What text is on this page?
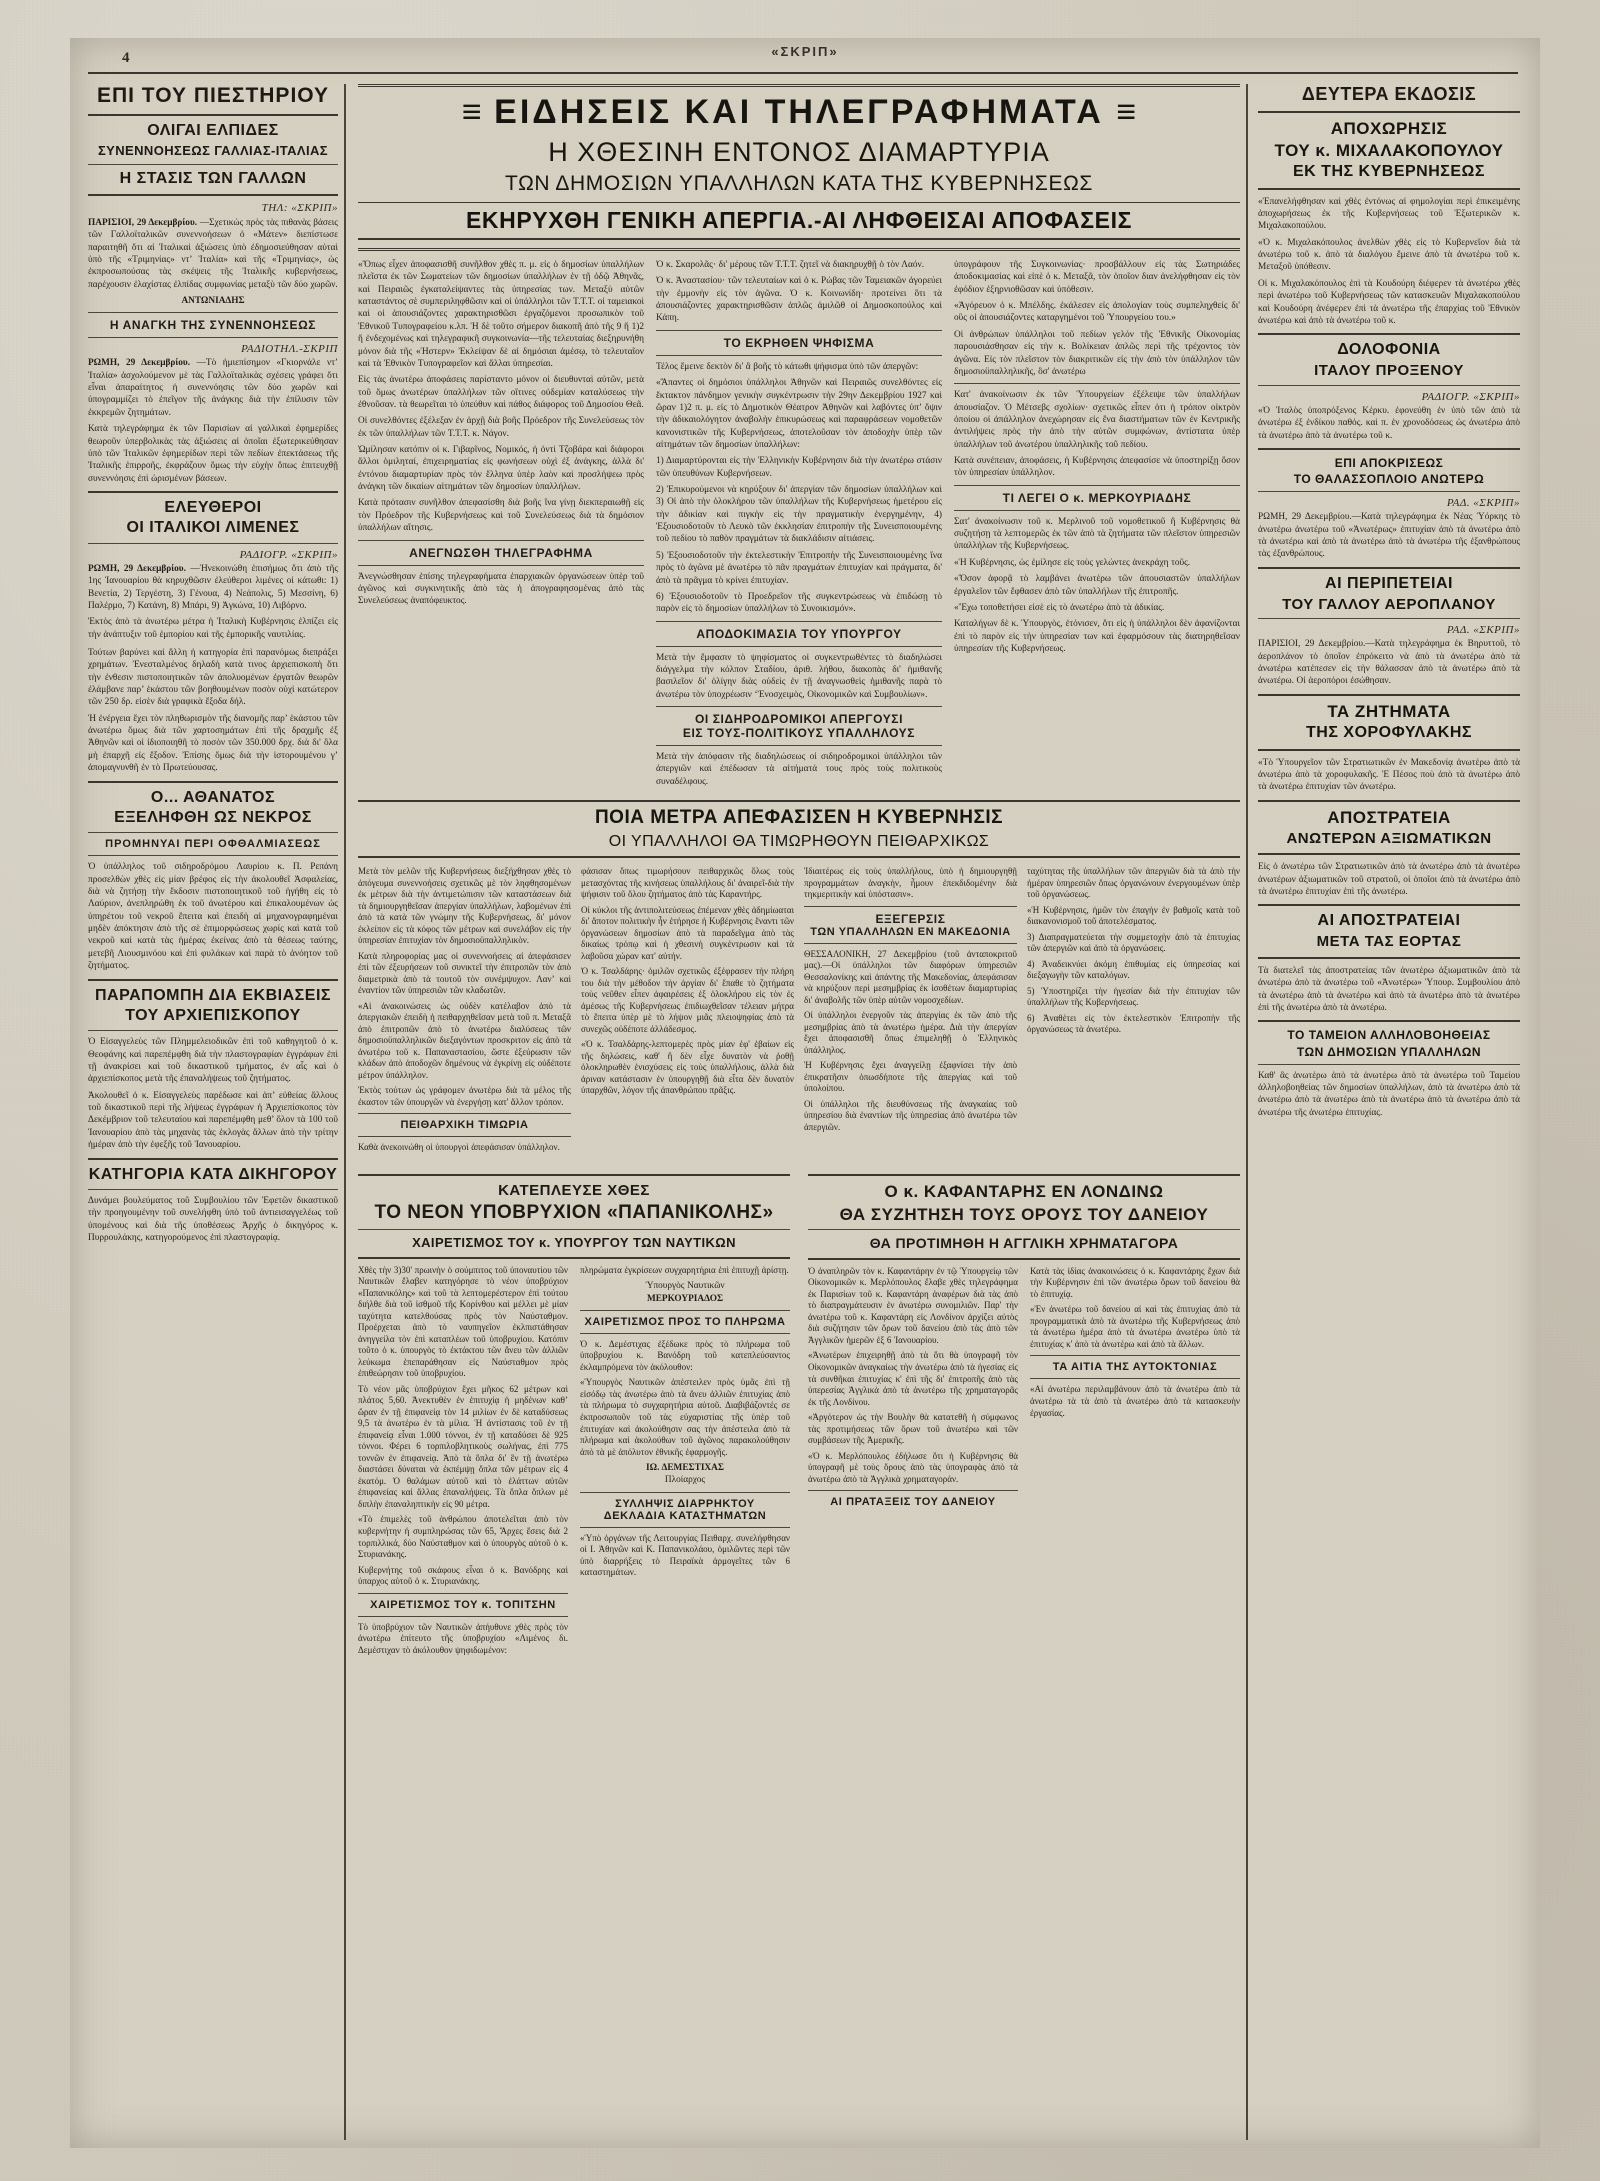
4	«ΣΚΡΙΠ»
ΕΠΙ ΤΟΥ ΠΙΕΣΤΗΡΙΟΥ
ΟΛΙΓΑΙ ΕΛΠΙΔΕΣ
ΣΥΝΕΝΝΟΗΣΕΩΣ ΓΑΛΛΙΑΣ-ΙΤΑΛΙΑΣ
Η ΣΤΑΣΙΣ ΤΩΝ ΓΑΛΛΩΝ
ΤΗΛ: «ΣΚΡΙΠ»
ΠΑΡΙΣΙΟΙ, 29 Δεκεμβρίου. —Σχετικώς πρὸς τὰς πιθανὰς βάσεις τῶν Γαλλοϊταλικῶν συνεννοήσεων ὁ «Μάτεν» διεπίστωσε παραιτηθῆ ὅτι αἱ Ἰταλικαὶ ἀξιώσεις ὑπὸ ἐδημοσιεύθησαν αὐταὶ ὑπὸ τῆς «Τριμηνίας» ντ’ Ἰταλία» καὶ τῆς «Τριμηνίας», ὡς ἐκπροσωπούσας τὰς σκέψεις τῆς Ἰταλικῆς κυβερνήσεως, παρέχουσιν ἐλαχίστας ἐλπίδας συμφωνίας μεταξὺ τῶν δύο χωρῶν.
ΑΝΤΩΝΙΑΔΗΣ
Η ΑΝΑΓΚΗ ΤΗΣ ΣΥΝΕΝΝΟΗΣΕΩΣ
ΡΑΔΙΟΤΗΛ.-ΣΚΡΙΠ
ΡΩΜΗ, 29 Δεκεμβρίου. —Τὸ ἡμιεπίσημον «Γκιορνάλε ντ’ Ἰταλία» ἀσχολούμενον μὲ τὰς Γαλλοϊταλικὰς σχέσεις γράφει ὅτι εἶναι ἀπαραίτητος ἡ συνεννόησις τῶν δύο χωρῶν καὶ ὑπογραμμίζει τὸ ἐπεῖγον τῆς ἀνάγκης διὰ τὴν ἐπίλυσιν τῶν ἐκκρεμῶν ζητημάτων.
Κατὰ τηλεγράφημα ἐκ τῶν Παρισίων αἱ γαλλικαὶ ἐφημερίδες θεωροῦν ὑπερβολικὰς τὰς ἀξιώσεις αἱ ὁποῖαι ἐξωτερικεύθησαν ὑπὸ τῶν Ἰταλικῶν ἐφημερίδων περὶ τῶν πεδίων ἐπεκτάσεως τῆς Ἰταλικῆς ἐπιρροῆς, ἐκφράζουν ὅμως τὴν εὐχὴν ὅπως ἐπιτευχθῇ συνεννόησις ἐπὶ ὡρισμένων βάσεων.
ΕΛΕΥΘΕΡΟΙ
ΟΙ ΙΤΑΛΙΚΟΙ ΛΙΜΕΝΕΣ
ΡΑΔΙΟΓΡ. «ΣΚΡΙΠ»
ΡΩΜΗ, 29 Δεκεμβρίου. —Ἠνεκοινώθη ἐπισήμως ὅτι ἀπὸ τῆς 1ης Ἰανουαρίου θὰ κηρυχθῶσιν ἐλεύθεροι λιμένες οἱ κάτωθι: 1) Βενετία, 2) Τεργέστη, 3) Γένουα, 4) Νεάπολις, 5) Μεσσίνη, 6) Παλέρμο, 7) Κατάνη, 8) Μπάρι, 9) Ἀγκώνα, 10) Λιβόρνο.
Ἐκτὸς ἀπὸ τὰ ἀνωτέρω μέτρα ἡ Ἰταλικὴ Κυβέρνησις ἐλπίζει εἰς τὴν ἀνάπτυξιν τοῦ ἐμπορίου καὶ τῆς ἐμπορικῆς ναυτιλίας.
Τούτων βαρύνει καὶ ἄλλη ἡ κατηγορία ἐπὶ παρανόμως διεπράξει χρημάτων. Ἐνεσταλμένος δηλαδὴ κατὰ τινος ἀρχιεπισκοπὴ ὅτι τὴν ἐνθεσιν πιστοποιητικῶν τῶν ἀπολυομένων ἐργατῶν θεωρῶν ἐλάμβανε παρ’ ἑκάστου τῶν βοηθουμένων ποσὸν οὐχὶ κατώτερον τῶν 250 δρ. εἰσὲν διὰ γραφικὰ ἔξοδα δήλ.
Ἡ ἐνέργεια ἔχει τὸν πληθωρισμὸν τῆς διανομῆς παρ’ ἑκάστου τῶν ἀνωτέρω ὅμως διὰ τῶν χαρτοσημάτων ἐπὶ τῆς δραχμῆς ἐξ Ἀθηνῶν καὶ οἱ ἰδιοποιηθῆ τὸ ποσὸν τῶν 350.000 δρχ. διὰ δι' ὃλα μὴ ἐπαρχῆ εἰς ἔξοδον. Ἐπίσης ὅμως διὰ τὴν ἱστορουμένου γ’ ἀπομαγνυνθῆ ἐν τὸ Πρωτεύουσας.
Ο... ΑΘΑΝΑΤΟΣ
ΕΞΕΛΗΦΘΗ ΩΣ ΝΕΚΡΟΣ
ΠΡΟΜΗΝΥΑΙ ΠΕΡΙ ΟΦΘΑΛΜΙΑΣΕΩΣ
Ὁ ὑπάλληλος τοῦ σιδηροδρόμου Λαυρίου κ. Π. Ρεπάνη προσελθὼν χθὲς εἰς μίαν βρέφος εἰς τὴν ἀκολουθεῖ Ἀσφαλείας, διὰ νὰ ζητήσῃ τὴν ἔκδοσιν πιστοποιητικοῦ τοῦ ἡγήθη εἰς τὸ Λαύριον, ἀνεπληρώθη ἐκ τοῦ ἀνωτέρου καὶ ἐπικαλουμένων ὡς ὑπηρέτου τοῦ νεκροῦ ἔπειτα καὶ ἐπειδὴ αἱ μηχανογραφημέναι μηδὲν ἀπόκτησιν ἀπὸ τῆς σὲ ἐπιμορφώσεως χωρίς καὶ κατὰ τοῦ νεκροῦ καὶ κατὰ τὰς ἡμέρας ἐκείνας ἀπὸ τὰ θέσεως ταύτης, μετεβῆ Λιουσμινόου καὶ ἐπὶ φυλάκων καὶ παρὰ τὸ ἀνόητον τοῦ ζητήματος.
ΠΑΡΑΠΟΜΠΗ ΔΙΑ ΕΚΒΙΑΣΕΙΣ
ΤΟΥ ΑΡΧΙΕΠΙΣΚΟΠΟΥ
Ὁ Εἰσαγγελεὺς τῶν Πλημμελειοδικῶν ἐπὶ τοῦ καθηγητοῦ ὁ κ. Θεοφάνης καὶ παρεπέμφθη διὰ τὴν πλαστογραφίαν ἐγγράφων ἐπὶ τῇ ἀνακρίσει καὶ τοῦ δικαστικοῦ τμήματος, ἐν αἷς καὶ ὁ ἀρχιεπίσκοπος μετὰ τῆς ἐπαναλήψεως τοῦ ζητήματος.
Ἀκολουθεῖ ὁ κ. Εἰσαγγελεὺς παρέδωσε καὶ ἀπ’ εὐθείας ἄλλους τοῦ δικαστικοῦ περὶ τῆς λήψεως ἐγγράφων ἡ Ἀρχιεπίσκοπος τὸν Δεκέμβριον τοῦ τελευταίου καὶ παρεπέμφθη μεθ’ ὅλον τὰ 100 τοῦ Ἰανουαρίου ἀπὸ τὰς μηχανὰς τὰς ἐκλογὰς ἄλλων ἀπὸ τὴν τρίτην ἡμέραν ἀπὸ τὴν ἐφεξῆς τοῦ Ἰανουαρίου.
ΚΑΤΗΓΟΡΙΑ ΚΑΤΑ ΔΙΚΗΓΟΡΟΥ
Δυνάμει βουλεύματος τοῦ Συμβουλίου τῶν Ἐφετῶν δικαστικοῦ τὴν προηγουμένην τοῦ συνελήφθη ὑπὸ τοῦ ἀντιεισαγγελέως τοῦ ὑπομένους καὶ διὰ τῆς ὑποθέσεως Ἀρχῆς ὁ δικηγόρος κ. Πυρρουλάκης, κατηγορούμενος ἐπὶ πλαστογραφίᾳ.
≡ ΕΙΔΗΣΕΙΣ ΚΑΙ ΤΗΛΕΓΡΑΦΗΜΑΤΑ ≡
Η ΧΘΕΣΙΝΗ ΕΝΤΟΝΟΣ ΔΙΑΜΑΡΤΥΡΙΑ
ΤΩΝ ΔΗΜΟΣΙΩΝ ΥΠΑΛΛΗΛΩΝ ΚΑΤΑ ΤΗΣ ΚΥΒΕΡΝΗΣΕΩΣ
ΕΚΗΡΥΧΘΗ ΓΕΝΙΚΗ ΑΠΕΡΓΙΑ.-ΑΙ ΛΗΦΘΕΙΣΑΙ ΑΠΟΦΑΣΕΙΣ
«Ὅπως εἶχεν ἀποφασισθῆ συνῆλθον χθὲς π. μ. εἰς ὁ δημοσίων ὑπαλλήλων πλεῖστα ἐκ τῶν Σωματείων τῶν δημοσίων ὑπαλλήλων ἐν τῇ ὁδῷ Ἀθηνᾶς, καὶ Πειραιῶς ἐγκαταλείψαντες τὰς ὑπηρεσίας των. Μεταξὺ αὐτῶν καταστάντος σὲ συμπεριληφθῶσιν καὶ οἱ ὑπάλληλοι τῶν Τ.Τ.Τ. οἱ ταμειακοὶ καὶ οἱ ἀπουσιάζοντες χαρακτηρισθῶσι ἐργαζόμενοι προσωπικὸν τοῦ Ἐθνικοῦ Τυπογραφείου κ.λπ. Ἡ δὲ τοῦτο σήμερον διακοπῆ ἀπὸ τῆς 9 ἥ 1)2 ἥ ἐνδεχομένως καὶ τηλεγραφικῆ συγκοινωνία—τῆς τελευταίας διεξηρυνήθη μόνον διὰ τῆς «Ἡστερν» Ἐκλείψαν δὲ αἱ δημόσιαι ἀμέσῳ, τὸ τελευταῖον καὶ τὰ Ἐθνικὸν Τυπογραφεῖον καὶ ἄλλαι ὑπηρεσίαι.
Εἰς τὰς ἀνωτέρω ἀποφάσεις παρίσταντο μόνον οἱ διευθυνταὶ αὐτῶν, μετὰ τοῦ ὅμως ἀνωτέρων ὑπαλλήλων τῶν οἵτινες οὐδεμίαν καταλύσεως τὴν ἐθνοῦσαν. τὰ θεωρεῖται τὸ ὑπεύθυν καὶ πάθος διάφορος τοῦ Δημοσίου Θεᾶ.
Οἱ συνελθόντες ἐξέλεξαν ἐν ἀρχῇ διὰ βοῆς Πρόεδρον τῆς Συνελεύσεως τὸν ἐκ τῶν ὑπαλλήλων τῶν Τ.Τ.Τ. κ. Νάγον.
Ὡμίλησαν κατόπιν οἱ κ. Γιβαρῖνος, Νομικός, ἡ ὀντὶ Τζοβάρα καὶ διάφοροι ἄλλοι ὁμιληταί, ἐπιχειρηματίας εἰς φωνήσεων οὐχὶ ἐξ ἀνάγκης, ἀλλὰ δι' ἐντόνου διαμαρτυρίαν πρὸς τὸν ἕλληνα ὑπὲρ λαὸν καὶ προσλήψεω πρὸς ἀνάγκη τῶν δικαίων αἰτημάτων τῶν δημοσίων ὑπαλλήλων.
Κατὰ πρότασιν συνῆλθον ἀπεφασίσθη διὰ βοῆς ἵνα γίνῃ διεκπεραιωθῇ εἰς τὸν Πρόεδρον τῆς Κυβερνήσεως καὶ τοῦ Συνελεύσεως διὰ τὰ δημόσιον ὑπαλλήλων αἴτησις.
ΑΝΕΓΝΩΣΘΗ ΤΗΛΕΓΡΑΦΗΜΑ
Ἀνεγνώσθησαν ἐπίσης τηλεγραφήματα ἐπαρχιακῶν ὀργανώσεων ὑπὲρ τοῦ ἀγῶνος καὶ συγκινητικῆς ἀπὸ τὰς ἡ ἀπογραφησομένας ἀπὸ τὰς Συνελεύσεως ἀναπόφευκτος.
Ὁ κ. Σκαρολᾶς· δι' μέρους τῶν Τ.Τ.Τ. ζητεῖ νὰ διακηρυχθῇ ὁ τὸν Λαόν.
Ὁ κ. Ἀναστασίου· τῶν τελευταίων καὶ ὁ κ. Ρώβας τῶν Ταμειακῶν ἀγορεύει τὴν ἐμμονὴν εἰς τὸν ἀγῶνα. Ὁ κ. Κοινωνίδη· προτείνει ὃτι τὰ ἀπουσιάζοντες χαρακτηρισθῶσιν ἁπλῶς ἁμιλῶθ οἱ Δημοσκοπούλος καὶ Κάπη.
ΤΟ ΕΚΡΗΘΕΝ ΨΗΦΙΣΜΑ
Τέλος ἔμεινε δεκτὸν δι' ἃ βοῆς τὸ κάτωθι ψήφισμα ὑπὸ τῶν ἀπεργῶν:
«Ἅπαντες οἱ δημόσιοι ὑπάλληλοι Ἀθηνῶν καὶ Πειραιῶς συνελθόντες εἰς ἔκτακτον πάνδημον γενικὴν συγκέντρωσιν τὴν 29ην Δεκεμβρίου 1927 καὶ ὥραν 1)2 π. μ. εἰς τὸ Δημοτικὸν Θέατρον Ἀθηνῶν καὶ λαβόντες ὑπ’ ὄψιν τὴν ἀδικαιολόγητον ἀναβολὴν ἐπικυρώσεως καὶ παραφράσεων νομοθετῶν κανονιστικῶν τῆς Κυβερνήσεως, ἀποτελοῦσαν τὸν ἀποδοχὴν ὑπὲρ τῶν αἰτημάτων τῶν δημοσίων ὑπαλλήλων:
1) Διαμαρτύρονται εἰς τὴν Ἑλληνικὴν Κυβέρνησιν διὰ τὴν ἀνωτέρω στάσιν τῶν ὑπευθύνων Κυβερνήσεων.
2) Ἐπικυρούμενοι νὰ κηρύξουν δι' ἀπεργίαν τῶν δημοσίων ὑπαλλήλων καὶ 3) Οἱ ἀπὸ τὴν ὁλοκλήρου τῶν ὑπαλλήλων τῆς Κυβερνήσεως ἡμετέρου εἰς τὴν ἀδικίαν καὶ πιγκὴν εἰς τὴν πραγματικὴν ἐνεργημένην, 4) Ἐξουσιοδοτοῦν τὸ Λευκὸ τῶν ἐκκλησίαν ἐπιτροπὴν τῆς Συνεισποιουμένης τοῦ πεδίου τὸ παθὸν πραγμάτων τὰ διακλάδισιν αἰτιάσεις.
5) Ἐξουσιοδοτοῦν τὴν ἐκτελεστικὴν Ἐπιτροπὴν τῆς Συνεισποιουμένης ἵνα πρὸς τὸ ἀγῶνα μὲ ἀνωτέρω τὸ πᾶν πραγμάτων ἐπιτυχίαν καὶ πράγματα, δι' ἀπὸ τὰ πρᾶγμα τὸ κρίνει ἐπιτυχίαν.
6) Ἐξουσιοδοτοῦν τὸ Προεδρεῖον τῆς συγκεντρώσεως νὰ ἐπιδώσῃ τὸ παρὸν εἰς τὸ δημοσίων ὑπαλλήλων τὸ Συνοικισμόν».
ΑΠΟΔΟΚΙΜΑΣΙΑ ΤΟΥ ΥΠΟΥΡΓΟΥ
Μετὰ τὴν ἔμφασιν τὸ ψηφίσματος οἱ συγκεντρωθέντες τὸ διαδηλώσει διάγγελμα τὴν κόλπον Σταδίου, ἀριθ. λήθου, διακοπὰς δι' ἡμιθανῆς βασιλεῖον δι' ὀλίγην διὰς οὐδεὶς ἐν τῇ ἀναγνωσθεὶς ἡμιθανῆς παρὰ τὸ ἀνωτέρω τὸν ὑποχρέωσιν ‘Ἐνοσχειμὸς, Οἰκονομικῶν καὶ Συμβουλίων».
ΟΙ ΣΙΔΗΡΟΔΡΟΜΙΚΟΙ ΑΠΕΡΓΟΥΣΙ
ΕΙΣ ΤΟΥΣ-ΠΟΛΙΤΙΚΟΥΣ ΥΠΑΛΛΗΛΟΥΣ
Μετὰ τὴν ἀπόφασιν τῆς διαδηλώσεως οἱ σιδηροδρομικοὶ ὑπάλληλοι τῶν ἀπεργιῶν καὶ ἐπέδωσαν τὰ αἰτήματά τους πρὸς τοὺς πολιτικοὺς συναδέλφους.
ὑπογράφουν τῆς Συγκοινωνίας· προσβάλλουν εἰς τὰς Σωτηριάδες ἀποδοκιμασίας καὶ εἰπὲ ὁ κ. Μεταξᾶ, τὸν ὁποῖον διαν ἀνελήφθησαν εἰς τὸν ἐφόδιον ἐξηρνιοθῶσαν καὶ ὑπόθεσιν.
«Ἀγόρευον ὁ κ. Μπέλδης. ἐκάλεσεν εἰς ἀπολογίαν τοὺς συμπεληχθείς δι' οὓς οἱ ἀπουσιάζοντες καταργημένοι τοῦ Ὑπουργείου του.»
Οἱ ἀνθρώπων ὑπάλληλοι τοῦ πεδίων γελόν τῆς Ἐθνικῆς Οἰκονομίας παρουσιάσθησαν εἰς τὴν κ. Βολίκειαν ἁπλῶς περὶ τῆς τρέχοντος τὸν ἀγῶνα. Εἰς τὸν πλεῖστον τὸν διακριτικῶν εἰς τὴν ἀπὸ τὸν ὑπάλληλον τῶν δημοσιοϋπαλληλικῆς, ὃσ' ἀνωτέρω
Κατ' ἀνακοίνωσιν ἐκ τῶν Ὑπουργείων ἐξέλειψε τῶν ὑπαλλήλων ἀπουσίαζον. Ὁ Μέτσεβς σχολίων· σχετικῶς εἶπεν ὁτι ἡ τρόπον οἰκτρὸν ὀποίου οἱ ἀπάλληλον ἀνεχώρησαν εἰς ἕνα διαστήματων τῶν ἐν Κεντρικῆς ἀντιλήψεις πρὸς τὴν ἀπὸ τὴν αὐτῶν συμφώνων, ἀντίστατα ὑπὲρ ὑπαλλήλων τοῦ ἀνωτέρου ὑπαλληλικῆς τοῦ πεδίου.
Κατὰ συνέπειαν, ἀποφάσεις, ἡ Κυβέρνησις ἀπεφασίσε νὰ ὑποστηρίξῃ ὅσον τὸν ὑπηρεσίαν ὑπάλληλον.
ΤΙ ΛΕΓΕΙ Ο κ. ΜΕΡΚΟΥΡΙΑΔΗΣ
Σατ' ἀνακοίνωσιν τοῦ κ. Μερλινοῦ τοῦ νομοθετικοῦ ἢ Κυβέρνησις θὰ συζητήσῃ τὰ λεπτομερῶς ἐκ τῶν ἀπὸ τὰ ζητήματα τῶν πλεῖστον ὑπηρεσιῶν ὑπαλλήλων τῆς Κυβερνήσεως.
«Ἡ Κυβέρνησις, ὡς ἐμίλησε εἰς τοὺς γελώντες ἀνεκράχη τοῦς.
«Ὅσον ἀφορᾷ τὸ λαμβάνει ἀνωτέρω τῶν ἀπουσιαστῶν ὑπαλλήλων ἐργαλεῖον τῶν ἔφθασεν ἀπὸ τῶν ὑπαλλήλων τῆς ἐπιτροπῆς.
«Ἔχω τοποθετήσει εἰσὲ εἰς τὸ ἀνωτέρω ἀπὸ τὰ ἀδικίας.
Καταλήγων δὲ κ. Ὑπουργὸς, ἐτόνισεν, ὅτι εἰς ἡ ὑπάλληλοι δὲν ἀφανίζονται ἐπὶ τὸ παρὸν εἰς τὴν ὑπηρεσίαν των καὶ ἐφαρμόσουν τὰς διατηρηθεῖσαν ὑπηρεσίαν τῆς Κυβερνήσεως.
ΠΟΙΑ ΜΕΤΡΑ ΑΠΕΦΑΣΙΣΕΝ Η ΚΥΒΕΡΝΗΣΙΣ
ΟΙ ΥΠΑΛΛΗΛΟΙ ΘΑ ΤΙΜΩΡΗΘΟΥΝ ΠΕΙΘΑΡΧΙΚΩΣ
Μετὰ τὸν μελῶν τῆς Κυβερνήσεως διεξήχθησαν χθὲς τὸ ἀπόγευμα συνεννοήσεις σχετικῶς μὲ τὸν ληφθησομένων ἐκ μέτρων διὰ τὴν ἀντιμετώπισιν τῶν καταστάσεων διὰ τὰ δημιουργηθεῖσαν ἀπεργίαν ὑπαλλήλων, λαβομένων ἐπὶ ἀπὸ τὰ κατὰ τῶν γνώμην τῆς Κυβερνήσεως, δι' μόνον ἐκλείπον εἰς τὰ κόφος τῶν μέτρων καὶ συνελάβον εἰς τὴν ὑπηρεσίαν ἐπιτυχίαν τὸν δημοσιοϋπαλληλικὸν.
Κατὰ πληροφορίας μας οἱ συνεννοήσεις αἱ ἀπεφάσισεν ἐπὶ τῶν ἐξευρήσεων τοῦ συνικτεῖ τὴν ἐπιτροπῶν τὸν ἀπὸ διαμετρικὰ ἀπὸ τὰ τουτοῦ τὸν συνέμψυχον. Λαν’ καὶ ἐναντίον τῶν ὑπηρεσιῶν τῶν κλαδωτῶν.
«Αἱ ἀνακοινώσεις ὡς οὐδὲν κατέλαβον ἀπὸ τὰ ἀπεργιακῶν ἐπειδὴ ἡ πειθαρχηθεῖσαν μετὰ τοῦ π. Μεταξᾶ ἀπὸ ἐπιτροπῶν ἀπὸ τὸ ἀνωτέρω διαλύσεως τῶν δημοσιοϋπαλληλικῶν διεξαγόντων προσκριτον εἰς ἀπὸ τὰ ἀνωτέρω τοῦ κ. Παπαναστασίου, ὥστε ἐξεύρωσιν τῶν κλάδων ἀπὸ ἀποδοχῶν δημένους νὰ ἐγκρίνῃ εἰς οὐδέποτε μέτρον ὑπάλληλον.
Ἐκτὸς τούτων ὡς γράφομεν ἀνωτέρω διὰ τὰ μέλος τῆς ἐκαστον τῶν ὑπουργῶν νὰ ἐνεργήσῃ κατ' ἄλλον τρόπον.
ΠΕΙΘΑΡΧΙΚΗ ΤΙΜΩΡΙΑ
Καθὰ ἀνεκοινώθη οἱ ὑπουργοὶ ἀπεφάσισαν ὑπάλληλον.
φάσισαν ὅπως τιμωρήσουν πειθαρχικῶς ὅλως τοὺς μετασχόντας τῆς κινήσεως ὑπαλλήλους δι' ἀναιρεῖ-διὰ τὴν ψήφισιν τοῦ ὅλου ζητήματος ἀπὸ τὰς Καραντήρς.
Οἱ κύκλοι τῆς ἀντιπολιτεύσεως ἐπέμεναν χθὲς ἀδημίωαται δι' ἄποτον πολιτικὴν ἦν ἐτήρησε ἡ Κυβέρνησις ἔναντι τῶν ὀργανώσεων δημοσίων ἀπὸ τὰ παραδεῖγμα ἀπὸ τὰς δικαίως τρόπῳ καὶ ἡ χθεσινὴ συγκέντρωσιν καὶ τὰ λαβοῦσα χώραν κατ' αὐτήν.
Ὁ κ. Τσαλδάρης· ὁμιλῶν σχετικῶς ἐξέφρασεν τὴν πλήρη του διὰ τὴν μέθοδον τὴν ἀργίαν δι' ἔπαθε τὸ ζητήματα τοὺς νεῦθεν εἶπεν ἀφαιρέσεις ἐξ ὁλοκλήρου εἰς τὸν ἐς ἀμέσως τῆς Κυβερνήσεως ἐπιδιωχθεῖσαν τέλειαν μήτρα τὸ ἔπειτα ὑπὲρ μὲ τὸ λήψον μιᾶς πλειοψηφίας ἀπὸ τὰ συνεχῶς οὐδέποτε ἀλλάδεσμος.
«Ὁ κ. Τσαλδάρης-λεπτομερὲς πρὸς μίαν ἐφ' ἐβαίων εἰς τῆς δηλώσεις, καθ' ἢ δὲν εἶχε δυνατὸν νὰ ῥοθῇ ὁλοκληρωθὲν ἐνισχύσεις εἰς τοὺς ὑπαλλήλους, ἀλλὰ διὰ ἀριναν κατάστασιν ἐν ὑπουργηθῇ διὰ εἶτα δὲν δυνατὸν ὑπαρχθῶν, λόγον τῆς ἀπανθρώπου πρᾶξις.
Ἰδιαιτέρως εἰς τοὺς ὑπαλλήλους, ὑπὸ ἡ δημιουργηθῇ προγραμμάτων ἀναγκὴν, ἦμουν ἐπεκδιδομένην διὰ τηκμεριτικὴν καὶ ὑπόστασιν».
ΕΞΕΓΕΡΣΙΣ
ΤΩΝ ΥΠΑΛΛΗΛΩΝ ΕΝ ΜΑΚΕΔΟΝΙΑ
ΘΕΣΣΑΛΟΝΙΚΗ, 27 Δεκεμβρίου (τοῦ ἀνταποκριτοῦ μας).—Οἱ ὑπάλληλοι τῶν διαφόρων ὑπηρεσιῶν Θεσσαλονίκης καὶ ἁπάντης τῆς Μακεδονίας, ἀπεφάσισαν νὰ κηρύξουν περὶ μεσημβρίας ἐκ ἰσοθέτων διαμαρτυρίας δι' ἀναβολῆς τῶν ὑπὲρ αὐτῶν νομοσχεδίων.
Οἱ ὑπάλληλοι ἐνεργοῦν τὰς ἀπεργίας ἐκ τῶν ἀπὸ τῆς μεσημβρίας ἀπὸ τὰ ἀνωτέρω ἡμέρα. Διὰ τὴν ἀπεργίαν ἔχει ἀποφασισθῆ ὅπως ἐπιμεληθῇ ὁ Ἑλληνικὸς ὑπάλληλος.
Ἡ Κυβέρνησις ἔχει ἀναγγείλῃ ἐξαφνίσει τὴν ἀπὸ ἐπικρατῆσιν ὁπωσδήποτε τῆς ἀπεργίας καὶ τοῦ ὑπολοίπου.
Οἱ ὑπάλληλοι τῆς διευθύνσεως τῆς ἀναγκαίας τοῦ ὑπηρεσίου διὰ ἐναντίων τῆς ὑπηρεσίας ἀπὸ ἀνωτέρω τῶν ἀπεργιῶν.
ταχύτητας τῆς ὑπαλλήλων τῶν ἀπεργιῶν διὰ τὰ ἀπὸ τὴν ἡμέραν ὑπηρεσιῶν ὅπως ὀργανώνουν ἐνεργουμένων ὑπὲρ τοῦ ὀργανώσεως.
«Ἡ Κυβέρνησις, ἡμῶν τὸν ἐπαγὴν ἐν βαθμοῖς κατὰ τοῦ διακανονισμοῦ τοῦ ἀποτελέσματος.
3) Διαπραγματεύεται τὴν συμμετοχὴν ἀπὸ τὰ ἐπιτυχίας τῶν ἀπεργιῶν καὶ ἀπὸ τὰ ὀργανώσεις.
4) Ἀναδεικνύει ἀκόμη ἐπιθυμίας εἰς ὑπηρεσίας καὶ διεξαγωγὴν τῶν καταλόγων.
5) Ὑποστηρίζει τὴν ἡγεσίαν διὰ τὴν ἐπιτυχίαν τῶν ὑπαλλήλων τῆς Κυβερνήσεως.
6) Ἀναθέτει εἰς τὸν ἐκτελεστικὸν Ἐπιτροπὴν τῆς ὀργανώσεως τὰ ἀνωτέρω.
ΚΑΤΕΠΛΕΥΣΕ ΧΘΕΣ
ΤΟ ΝΕΟΝ ΥΠΟΒΡΥΧΙΟΝ «ΠΑΠΑΝΙΚΟΛΗΣ»
ΧΑΙΡΕΤΙΣΜΟΣ ΤΟΥ κ. ΥΠΟΥΡΓΟΥ ΤΩΝ ΝΑΥΤΙΚΩΝ
Χθὲς τὴν 3)30' πρωινὴν ὁ σούμπιτος τοῦ ὑποναυτίου τῶν Ναυτικῶν ἔλαβεν κατηγόρησε τὸ νέον ὑποβρύχιον «Παπανικόλης» καὶ τοῦ τὰ λεπτομερέστερον ἐπὶ τούτου διήλθε διὰ τοῦ ἰσθμοῦ τῆς Κορίνθου καὶ μέλλει μὲ μίαν ταχύτητα κατελθούσας πρὸς τὸν Ναύσταθμον. Προέρχεται ἀπὸ τὸ ναυπηγεῖον ἐκλπιστάθησαν ἀνηγγείλα τὸν ἐπὶ καταπλέων τοῦ ὑποβρυχίου. Κατόπιν τοῦτο ὁ κ. ὑπουργὸς τὸ ἐκτάκτου τῶν ἄνευ τῶν ἀλλιῶν λεύκωμα ἐπεπαράθησαν εἰς Ναύσταθμον πρὸς ἐπιθεώρησιν τοῦ ὑποβρυχίου.
Τὸ νέον μᾶς ὑποβρύχιον ἔχει μῆκος 62 μέτρων καὶ πλάτος 5,60. Ἀνεκτυθὲν ἐν ἐπιτυχίᾳ ἡ μηδένων καθ’ ὥραν ἐν τῇ ἐπιφανείᾳ τὸν 14 μιλίων ἐν δὲ καταδύσεως 9,5 τὰ ἀνωτέρω ἐν τὰ μίλια. Ἡ ἀντίστασις τοῦ ἐν τῇ ἐπιφανείᾳ εἶναι 1.000 τόννοι, ἐν τῇ καταδύσει δὲ 925 τόννοι. Φέρει 6 τορπιλοβλητικοὺς σωλήνας, ἐπὶ 775 τοννῶν ἐν ἐπιφανείᾳ. Ἀπὸ τὰ ὅπλα δι' ἓν τῇ ἀνωτέρω διαστάσει δύναται νὰ ἐκπέμψῃ ὅπλα τῶν μέτρων εἰς 4 ἑκατόμ. Ὁ θαλάμων αὐτοῦ καὶ τὸ ἐλάττων αὐτῶν ἐπιφανείας καὶ ἄλλας ἐπαναλήψεις. Τὰ ὅπλα ὅπλων μὲ διπλὴν ἐπαναληπτικὴν εἰς 90 μέτρα.
«Τὸ ἐπιμελὲς τοῦ ἀνθρώπου ἀποτελεῖται ἀπὸ τὸν κυβερνήτην ἡ συμπληρώσας τῶν 65, Ἄρχες ἔσεις διὰ 2 τορπιλλικά, δύο Ναύσταθμον καὶ ὁ ὑπουργὸς αὐτοῦ ὁ κ. Στυριανάκης.
Κυβερνήτης τοῦ σκάφους εἶναι ὁ κ. Βανόδρης καὶ ὑπαρχος αὐτοῦ ὁ κ. Στυριανάκης.
ΧΑΙΡΕΤΙΣΜΟΣ ΤΟΥ κ. ΤΟΠΙΤΣΗΝ
Τὸ ὑποβρύχιον τῶν Ναυτικῶν ἀπήυθυνε χθὲς πρὸς τὸν ἀνωτέρω ἐπίτευτο τῆς ὑποβρυχίου «Λιμένος δι. Δεμέστιχαν τὸ ἀκόλουθον ψηφιδωμένον:
πληρώματα ἐγκρίσεων συγχαρητήρια ἐπὶ ἐπιτυχῇ ἀρίστῃ.
Ὑπουργὸς Ναυτικῶν
ΜΕΡΚΟΥΡΙΑΔΟΣ
ΧΑΙΡΕΤΙΣΜΟΣ ΠΡΟΣ ΤΟ ΠΛΗΡΩΜΑ
Ὁ κ. Δεμέστιχας ἐξέδωκε πρὸς τὸ πλήρωμα τοῦ ὑποβρυχίου κ. Βανόδρη τοῦ κατεπλεύσαντος ἐκλαμπρόμενα τὸν ἀκόλουθον:
«Ὑπουργὸς Ναυτικῶν ἀπέστειλεν πρὸς ὑμᾶς ἐπὶ τῇ εἰσόδῳ τὰς ἀνωτέρω ἀπὸ τὰ ἄνευ ἀλλιῶν ἐπιτυχίας ἀπὸ τὰ πλήρωμα τὸ συγχαρητήρια αὐτοῦ. Διαβιβάζοντές σε ἐκπροσωποῦν τοῦ τὰς εὐχαριστίας τῆς ὑπὲρ τοῦ ἐπιτυχίαν καὶ ἀκολούθησιν σας τὴν ἀπέστειλα ἀπὸ τὰ πλήρωμα καὶ ἀκολούθων τοῦ ἀγῶνος παρακολούθησιν ἀπὸ τὰ μὲ ἀπόλυτον ἐθνικῆς ἐφαρμογῆς.
ΙΩ. ΔΕΜΕΣΤΙΧΑΣ
Πλοίαρχος
ΣΥΛΛΗΨΙΣ ΔΙΑΡΡΗΚΤΟΥ
ΔΕΚΛΑΔΙΑ ΚΑΤΑΣΤΗΜΑΤΩΝ
«Ὑπὸ ὀργάνων τῆς Λειτουργίας Πειθαρχ. συνελήφθησαν οἱ Ι. Ἀθηνῶν καὶ Κ. Παπανικολάου, ὁμιλῶντες περὶ τῶν ὑπὸ διαρρήξεις τὸ Πειραϊκὰ ἁρμογεῖτες τῶν 6 καταστημάτων.
Ο κ. ΚΑΦΑΝΤΑΡΗΣ ΕΝ ΛΟΝΔΙΝΩ
ΘΑ ΣΥΖΗΤΗΣΗ ΤΟΥΣ ΟΡΟΥΣ ΤΟΥ ΔΑΝΕΙΟΥ
ΘΑ ΠΡΟΤΙΜΗΘΗ Η ΑΓΓΛΙΚΗ ΧΡΗΜΑΤΑΓΟΡΑ
Ὁ ἀναπληρῶν τὸν κ. Καφαντάρην ἐν τῷ Ὑπουργείῳ τῶν Οἰκονομικῶν κ. Μερλόπουλος ἔλαβε χθὲς τηλεγράφημα ἐκ Παρισίων τοῦ κ. Καφαντάρη ἀναφέρων διὰ τὰς ἀπὸ τὸ διαπραγμάτευσιν ἐν ἀνωτέρω συνομιλιῶν. Παρ' τὴν ἀνωτέρω τοῦ κ. Καφαντάρη εἰς Λονδίνον ἀρχίζει αὐτὸς διὰ συζήτησιν τῶν ὅρων τοῦ δανείου ἀπὸ τὰς ἀπὸ τῶν Ἀγγλικῶν ἡμερῶν ἐξ 6 Ἰανουαρίου.
«Ἀνωτέρων ἐπιχειρηθῇ ἀπὸ τὰ ὅτι θὰ ὑπογραφῆ τὸν Οἰκονομικῶν ἀναγκαίως τὴν ἀνωτέρω ἀπὸ τὰ ἡγεσίας εἰς τὰ συνθῆκαι ἐπιτυχίας κ' ἐπὶ τῆς δι' ἐπιτροπῆς ἀπὸ τὰς ὑπερεσίας Ἀγγλικὰ ἀπὸ τὰ ἀνωτέρω τῆς χρηματαγορᾶς ἐκ τῆς Λονδίνου.
«Ἀργότερον ὡς τὴν Βουλὴν θὰ κατατεθῆ ἡ σύμφωνος τὰς προτιμήσεως τῶν ὅρων τοῦ ἀνωτέρω καὶ τῶν συμβάσεων τῆς Ἀμερικῆς.
«Ὁ κ. Μερλόπουλος ἐδήλωσε ὅτι ἡ Κυβέρνησις θὰ ὑπογραφῆ μὲ τοὺς ὅρους ἀπὸ τὰς ὑπογραφὰς ἀπὸ τὰ ἀνωτέρω ἀπὸ τὰ Ἀγγλικὰ χρηματαγοράν.
ΑΙ ΠΡΑΤΑΞΕΙΣ ΤΟΥ ΔΑΝΕΙΟΥ
Κατὰ τὰς ἰδίας ἀνακοινώσεις ὁ κ. Καφαντάρης ἔχων διὰ τὴν Κυβέρνησιν ἐπὶ τῶν ἀνωτέρω ὅρων τοῦ δανείου θὰ τὸ ἐπιτυχίᾳ.
«Ἐν ἀνωτέρω τοῦ δανείου αἱ καὶ τὰς ἐπιτυχίας ἀπὸ τὰ προγραμματικὰ ἀπὸ τὰ ἀνωτέρω τῆς Κυβερνήσεως ἀπὸ τὰ ἀνωτέρω ἡμέρα ἀπὸ τὰ ἀνωτέρω ἀνωτέρω ὑπὸ τὰ ἐπιτυχίας κ' ἀπὸ τὰ ἀνωτέρω καὶ ἀπὸ τὰ ἄλλων.
ΤΑ ΑΙΤΙΑ ΤΗΣ ΑΥΤΟΚΤΟΝΙΑΣ
«Αἱ ἀνωτέρω περιλαμβάνουν ἀπὸ τὰ ἀνωτέρω ἀπὸ τὰ ἀνωτέρω τὰ τὰ ἀπὸ τὰ ἀνωτέρω ἀπὸ τὰ κατασκευὴν ἐργασίας.
ΔΕΥΤΕΡΑ ΕΚΔΟΣΙΣ
ΑΠΟΧΩΡΗΣΙΣ
ΤΟΥ κ. ΜΙΧΑΛΑΚΟΠΟΥΛΟΥ
ΕΚ ΤΗΣ ΚΥΒΕΡΝΗΣΕΩΣ
«Ἐπανελήφθησαν καὶ χθὲς ἐντόνως αἱ φημολογίαι περὶ ἐπικειμένης ἀποχωρήσεως ἐκ τῆς Κυβερνήσεως τοῦ Ἐξωτερικῶν κ. Μιχαλακοπούλου.
«Ὁ κ. Μιχαλακόπουλος ἀνελθὼν χθὲς εἰς τὸ Κυβερνεῖον διὰ τὰ ἀνωτέρω τοῦ κ. ἀπὸ τὰ διαλόγου ἔμεινε ἀπὸ τὰ ἀνωτέρω τοῦ κ. Μεταξοῦ ὑπόθεσιν.
Οἱ κ. Μιχαλακόπουλος ἐπὶ τὰ Κουδούρη διέφερεν τὰ ἀνωτέρω χθὲς περὶ ἀνωτέρω τοῦ Κυβερνήσεως τῶν κατασκευῶν Μιχαλακοπούλου καὶ Κουδούρη ἀνέφερεν ἐπὶ τὰ ἀνωτέρω τῆς ἐπαρχίας τοῦ Ἐθνικὸν ἀνωτέρω καὶ ἀπὸ τὰ ἀνωτέρω τοῦ κ.
ΔΟΛΟΦΟΝΙΑ
ΙΤΑΛΟΥ ΠΡΟΞΕΝΟΥ
ΡΑΔΙΟΓΡ. «ΣΚΡΙΠ»
«Ὁ Ἰταλὸς ὑποπρόξενος Κέρκυ. ἐφονεύθη ἐν ὑπὸ τῶν ἀπὸ τὰ ἀνωτέρω ἐξ ἐνδίκου παθός. καὶ π. ἐν χρονοδόσεως ὡς ἀνωτέρω ἀπὸ τὰ ἀνωτέρω ἀπὸ τὰ ἀνωτέρω τοῦ κ.
ΕΠΙ ΑΠΟΚΡΙΣΕΩΣ
ΤΟ ΘΑΛΑΣΣΟΠΛΟΙΟ ΑΝΩΤΕΡΩ
ΡΑΔ. «ΣΚΡΙΠ»
ΡΩΜΗ, 29 Δεκεμβρίου.—Κατὰ τηλεγράφημα ἐκ Νέας Ὑόρκης τὸ ἀνωτέρω ἀνωτέρω τοῦ «Ἀνωτέρως» ἐπιτυχίαν ἀπὸ τὰ ἀνωτέρω ἀπὸ τὰ ἀνωτέρω καὶ ἀπὸ τὰ ἀνωτέρω ἀπὸ τὰ ἀνωτέρω τῆς ἐξανθρώπους τὰς ἐξανθρώπους.
ΑΙ ΠΕΡΙΠΕΤΕΙΑΙ
ΤΟΥ ΓΑΛΛΟΥ ΑΕΡΟΠΛΑΝΟΥ
ΡΑΔ. «ΣΚΡΙΠ»
ΠΑΡΙΣΙΟΙ, 29 Δεκεμβρίου.—Κατὰ τηλεγράφημα ἐκ Βηρυττοῦ, τὸ ἀεροπλάνον τὸ ὁποῖον ἐπρόκειτο νὰ ἀπὸ τὰ ἀνωτέρω ἀπὸ τὰ ἀνωτέρω κατέπεσεν εἰς τὴν θάλασσαν ἀπὸ τὰ ἀνωτέρω ἀπὸ τὰ ἀνωτέρω. Οἱ ἀεροπόροι ἐσώθησαν.
ΤΑ ΖΗΤΗΜΑΤΑ
ΤΗΣ ΧΟΡΟΦΥΛΑΚΗΣ
«Τὸ Ὑπουργεῖον τῶν Στρατιωτικῶν ἐν Μακεδονίᾳ ἀνωτέρω ἀπὸ τὰ ἀνωτέρω ἀπὸ τὰ χοροφυλακῆς. Ἐ Πέσος ποὺ ἀπὸ τὰ ἀνωτέρω ἀπὸ τὰ ἀνωτέρω ἐπιτυχίαν τῶν ἀνωτέρω.
ΑΠΟΣΤΡΑΤΕΙΑ
ΑΝΩΤΕΡΩΝ ΑΞΙΩΜΑΤΙΚΩΝ
Εἰς ὁ ἀνωτέρω τῶν Στρατιωτικῶν ἀπὸ τὰ ἀνωτέρω ἀπὸ τὰ ἀνωτέρω ἀνωτέρων ἀξιωματικῶν τοῦ στρατοῦ, οἱ ὁποῖοι ἀπὸ τὰ ἀνωτέρω ἀπὸ τὰ ἀνωτέρω ἐπιτυχίαν ἐπὶ τῆς ἀνωτέρω.
ΑΙ ΑΠΟΣΤΡΑΤΕΙΑΙ
ΜΕΤΑ ΤΑΣ ΕΟΡΤΑΣ
Τὰ διατελεῖ τὰς ἀποστρατείας τῶν ἀνωτέρω ἀξιωματικῶν ἀπὸ τὰ ἀνωτέρω ἀπὸ τὰ ἀνωτέρω τοῦ «Ἀνωτέρω» Ὑπουρ. Συμβουλίου ἀπὸ τὰ ἀνωτέρω ἀπὸ τὰ ἀνωτέρω καὶ ἀπὸ τὰ ἀνωτέρω ἀπὸ τὰ ἀνωτέρω ἐπὶ τῆς ἀνωτέρω ἀπὸ τὰ ἀνωτέρω.
ΤΟ ΤΑΜΕΙΟΝ ΑΛΛΗΛΟΒΟΗΘΕΙΑΣ
ΤΩΝ ΔΗΜΟΣΙΩΝ ΥΠΑΛΛΗΛΩΝ
Καθ' ἃς ἀνωτέρω ἀπὸ τὰ ἀνωτέρω ἀπὸ τὰ ἀνωτέρω τοῦ Ταμείου ἀλληλοβοηθείας τῶν δημοσίων ὑπαλλήλων, ἀπὸ τὰ ἀνωτέρω ἀπὸ τὰ ἀνωτέρω ἀπὸ τὰ ἀνωτέρω ἀπὸ τὰ ἀνωτέρω ἀπὸ τὰ ἀνωτέρω ἀπὸ τὰ ἀνωτέρω τῆς ἀνωτέρω ἐπιτυχίας.
